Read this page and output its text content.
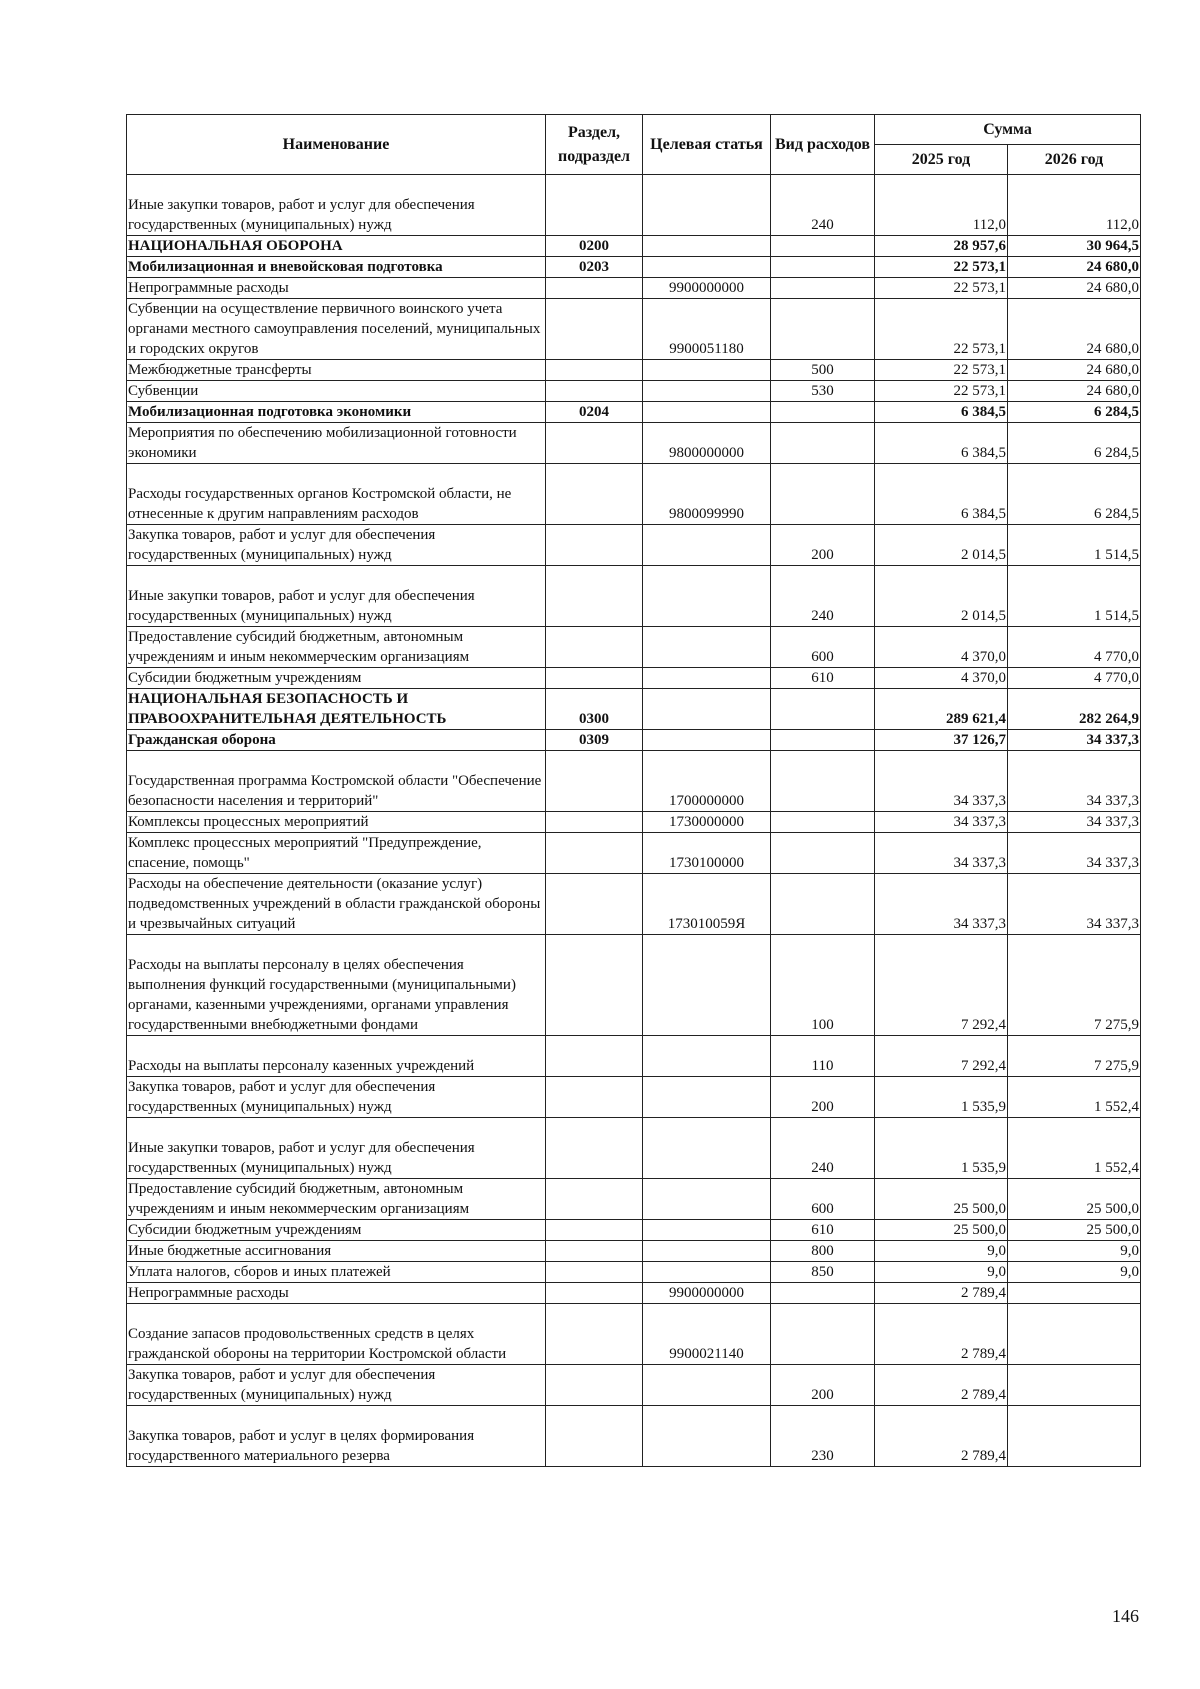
Наименование	Раздел, подраздел	Целевая статья	Вид расходов	Сумма	
				2025 год	2026 год
Иные закупки товаров, работ и услуг для обеспечения государственных (муниципальных) нужд			240	112,0	112,0
НАЦИОНАЛЬНАЯ ОБОРОНА	0200			28 957,6	30 964,5
Мобилизационная и вневойсковая подготовка	0203			22 573,1	24 680,0
Непрограммные расходы		9900000000		22 573,1	24 680,0
Субвенции на осуществление первичного воинского учета органами местного самоуправления поселений, муниципальных и городских округов		9900051180		22 573,1	24 680,0
Межбюджетные трансферты			500	22 573,1	24 680,0
Субвенции			530	22 573,1	24 680,0
Мобилизационная подготовка экономики	0204			6 384,5	6 284,5
Мероприятия по обеспечению мобилизационной готовности экономики		9800000000		6 384,5	6 284,5
Расходы государственных органов Костромской области, не отнесенные к другим направлениям расходов		9800099990		6 384,5	6 284,5
Закупка товаров, работ и услуг для обеспечения государственных (муниципальных) нужд			200	2 014,5	1 514,5
Иные закупки товаров, работ и услуг для обеспечения государственных (муниципальных) нужд			240	2 014,5	1 514,5
Предоставление субсидий бюджетным, автономным учреждениям и иным некоммерческим организациям			600	4 370,0	4 770,0
Субсидии бюджетным учреждениям			610	4 370,0	4 770,0
НАЦИОНАЛЬНАЯ БЕЗОПАСНОСТЬ И ПРАВООХРАНИТЕЛЬНАЯ ДЕЯТЕЛЬНОСТЬ	0300			289 621,4	282 264,9
Гражданская оборона	0309			37 126,7	34 337,3
Государственная программа Костромской области "Обеспечение безопасности населения и территорий"		1700000000		34 337,3	34 337,3
Комплексы процессных мероприятий		1730000000		34 337,3	34 337,3
Комплекс процессных мероприятий "Предупреждение, спасение, помощь"		1730100000		34 337,3	34 337,3
Расходы на обеспечение деятельности (оказание услуг) подведомственных учреждений в области гражданской обороны и чрезвычайных ситуаций		173010059Я		34 337,3	34 337,3
Расходы на выплаты персоналу в целях обеспечения выполнения функций государственными (муниципальными) органами, казенными учреждениями, органами управления государственными внебюджетными фондами			100	7 292,4	7 275,9
Расходы на выплаты персоналу казенных учреждений			110	7 292,4	7 275,9
Закупка товаров, работ и услуг для обеспечения государственных (муниципальных) нужд			200	1 535,9	1 552,4
Иные закупки товаров, работ и услуг для обеспечения государственных (муниципальных) нужд			240	1 535,9	1 552,4
Предоставление субсидий бюджетным, автономным учреждениям и иным некоммерческим организациям			600	25 500,0	25 500,0
Субсидии бюджетным учреждениям			610	25 500,0	25 500,0
Иные бюджетные ассигнования			800	9,0	9,0
Уплата налогов, сборов и иных платежей			850	9,0	9,0
Непрограммные расходы		9900000000		2 789,4	
Создание запасов продовольственных средств в целях гражданской обороны на территории Костромской области		9900021140		2 789,4	
Закупка товаров, работ и услуг для обеспечения государственных (муниципальных) нужд			200	2 789,4	
Закупка товаров, работ и услуг в целях формирования государственного материального резерва			230	2 789,4	
146
